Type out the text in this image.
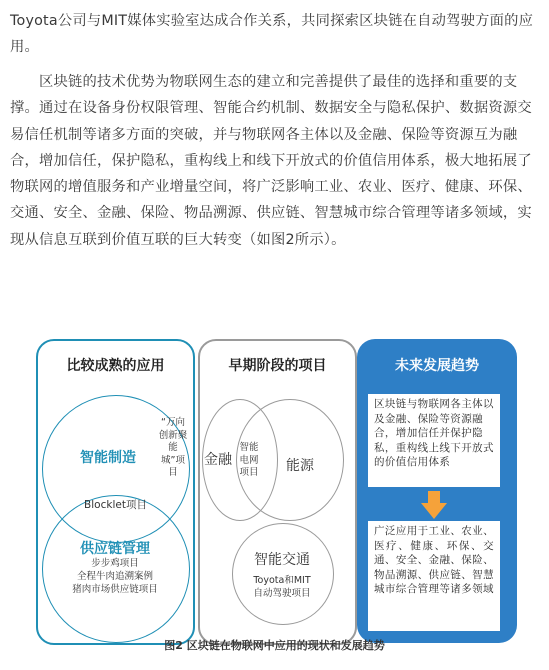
Toyota公司与MIT媒体实验室达成合作关系，共同探索区块链在自动驾驶方面的应用。
区块链的技术优势为物联网生态的建立和完善提供了最佳的选择和重要的支撑。通过在设备身份权限管理、智能合约机制、数据安全与隐私保护、数据资源交易信任机制等诸多方面的突破，并与物联网各主体以及金融、保险等资源互为融合，增加信任，保护隐私，重构线上和线下开放式的价值信用体系，极大地拓展了物联网的增值服务和产业增量空间，将广泛影响工业、农业、医疗、健康、环保、交通、安全、金融、保险、物品溯源、供应链、智慧城市综合管理等诸多领域，实现从信息互联到价值互联的巨大转变（如图2所示）。
比较成熟的应用
智能制造
“万向创新聚能城”项目
Blocklet项目
供应链管理
步步鸡项目
全程牛肉追溯案例
猪肉市场供应链项目
早期阶段的项目
金融
智能电网项目	能源
智能交通
Toyota和MIT
自动驾驶项目
未来发展趋势
区块链与物联网各主体以及金融、保险等资源融合，增加信任并保护隐私，重构线上线下开放式的价值信用体系
广泛应用于工业、农业、医疗、健康、环保、交通、安全、金融、保险、物品溯源、供应链、智慧城市综合管理等诸多领域
图2 区块链在物联网中应用的现状和发展趋势
